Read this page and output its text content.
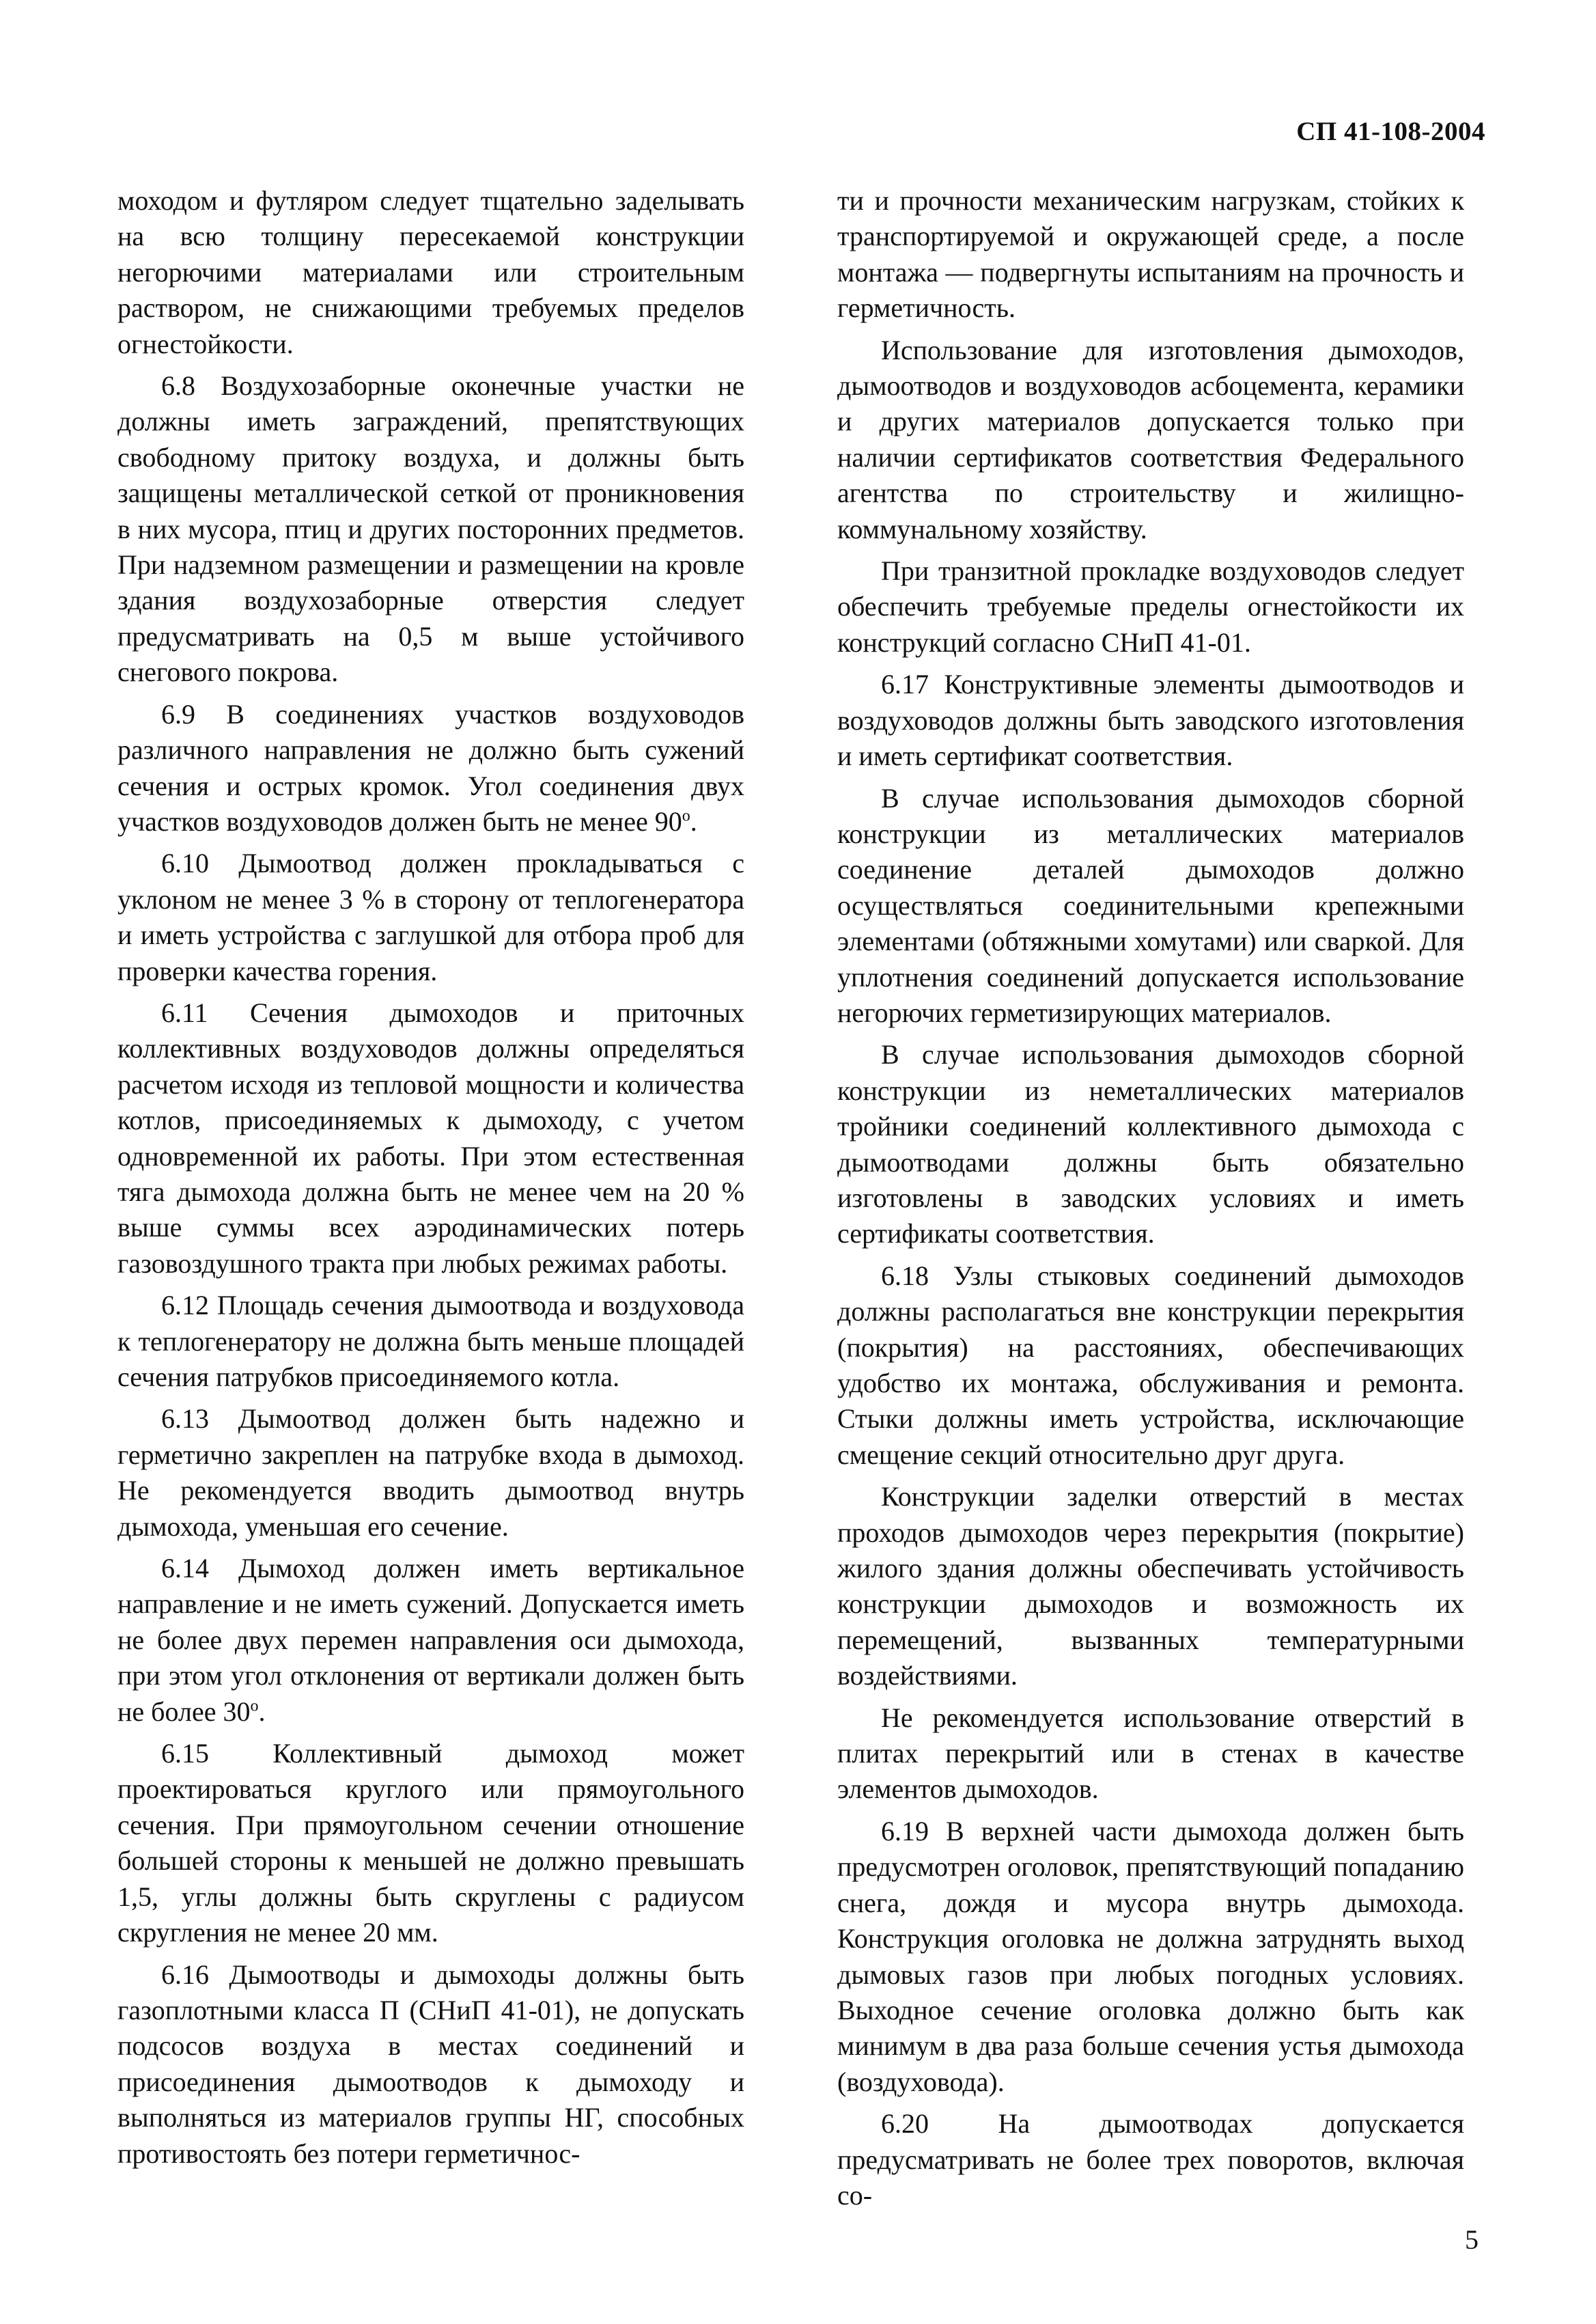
СП 41-108-2004

моходом и футляром следует тщательно заделывать на всю толщину пересекаемой конструкции негорючими материалами или строительным раствором, не снижающими требуемых пределов огнестойкости.

6.8 Воздухозаборные оконечные участки не должны иметь заграждений, препятствующих свободному притоку воздуха, и должны быть защищены металлической сеткой от проникновения в них мусора, птиц и других посторонних предметов. При надземном размещении и размещении на кровле здания воздухозаборные отверстия следует предусматривать на 0,5 м выше устойчивого снегового покрова.

6.9 В соединениях участков воздуховодов различного направления не должно быть сужений сечения и острых кромок. Угол соединения двух участков воздуховодов должен быть не менее $90^о$.

6.10 Дымоотвод должен прокладываться с уклоном не менее 3 % в сторону от теплогенератора и иметь устройства с заглушкой для отбора проб для проверки качества горения.

6.11 Сечения дымоходов и приточных коллективных воздуховодов должны определяться расчетом исходя из тепловой мощности и количества котлов, присоединяемых к дымоходу, с учетом одновременной их работы. При этом естественная тяга дымохода должна быть не менее чем на 20 % выше суммы всех аэродинамических потерь газовоздушного тракта при любых режимах работы.

6.12 Площадь сечения дымоотвода и воздуховода к теплогенератору не должна быть меньше площадей сечения патрубков присоединяемого котла.

6.13 Дымоотвод должен быть надежно и герметично закреплен на патрубке входа в дымоход. Не рекомендуется вводить дымоотвод внутрь дымохода, уменьшая его сечение.

6.14 Дымоход должен иметь вертикальное направление и не иметь сужений. Допускается иметь не более двух перемен направления оси дымохода, при этом угол отклонения от вертикали должен быть не более $30^о$.

6.15 Коллективный дымоход может проектироваться круглого или прямоугольного сечения. При прямоугольном сечении отношение большей стороны к меньшей не должно превышать 1,5, углы должны быть скруглены с радиусом скругления не менее 20 мм.

6.16 Дымоотводы и дымоходы должны быть газоплотными класса П (СНиП 41-01), не допускать подсосов воздуха в местах соединений и присоединения дымоотводов к дымоходу и выполняться из материалов группы НГ, способных противостоять без потери герметичнос-

ти и прочности механическим нагрузкам, стойких к транспортируемой и окружающей среде, а после монтажа — подвергнуты испытаниям на прочность и герметичность.

Использование для изготовления дымоходов, дымоотводов и воздуховодов асбоцемента, керамики и других материалов допускается только при наличии сертификатов соответствия Федерального агентства по строительству и жилищно-коммунальному хозяйству.

При транзитной прокладке воздуховодов следует обеспечить требуемые пределы огнестойкости их конструкций согласно СНиП 41-01.

6.17 Конструктивные элементы дымоотводов и воздуховодов должны быть заводского изготовления и иметь сертификат соответствия.

В случае использования дымоходов сборной конструкции из металлических материалов соединение деталей дымоходов должно осуществляться соединительными крепежными элементами (обтяжными хомутами) или сваркой. Для уплотнения соединений допускается использование негорючих герметизирующих материалов.

В случае использования дымоходов сборной конструкции из неметаллических материалов тройники соединений коллективного дымохода с дымоотводами должны быть обязательно изготовлены в заводских условиях и иметь сертификаты соответствия.

6.18 Узлы стыковых соединений дымоходов должны располагаться вне конструкции перекрытия (покрытия) на расстояниях, обеспечивающих удобство их монтажа, обслуживания и ремонта. Стыки должны иметь устройства, исключающие смещение секций относительно друг друга.

Конструкции заделки отверстий в местах проходов дымоходов через перекрытия (покрытие) жилого здания должны обеспечивать устойчивость конструкции дымоходов и возможность их перемещений, вызванных температурными воздействиями.

Не рекомендуется использование отверстий в плитах перекрытий или в стенах в качестве элементов дымоходов.

6.19 В верхней части дымохода должен быть предусмотрен оголовок, препятствующий попаданию снега, дождя и мусора внутрь дымохода. Конструкция оголовка не должна затруднять выход дымовых газов при любых погодных условиях. Выходное сечение оголовка должно быть как минимум в два раза больше сечения устья дымохода (воздуховода).

6.20 На дымоотводах допускается предусматривать не более трех поворотов, включая со-

5
